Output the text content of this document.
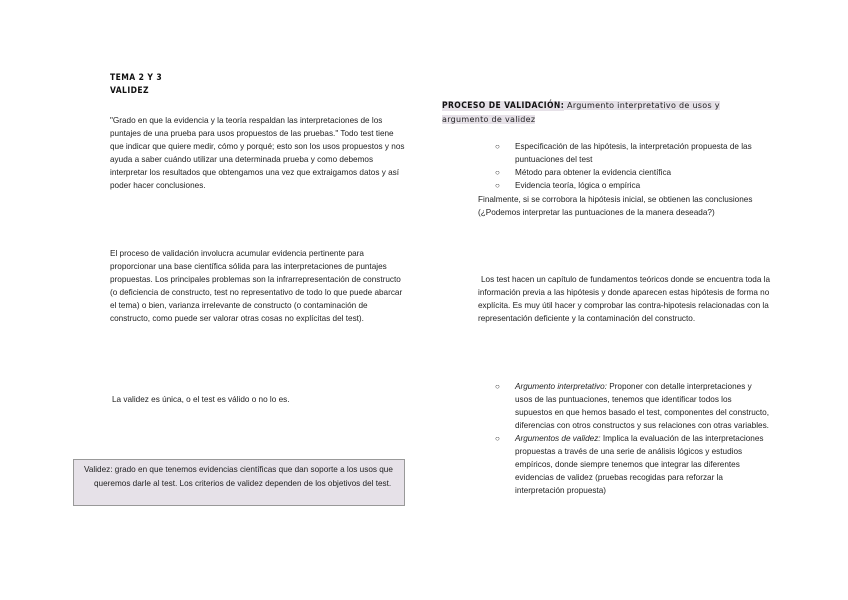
TEMA 2 Y 3
VALIDEZ
"Grado en que la evidencia y la teoría respaldan las interpretaciones de los puntajes de una prueba para usos propuestos de las pruebas." Todo test tiene que indicar que quiere medir, cómo y porqué; esto son los usos propuestos y nos ayuda a saber cuándo utilizar una determinada prueba y como debemos interpretar los resultados que obtengamos una vez que extraigamos datos y así poder hacer conclusiones.
El proceso de validación involucra acumular evidencia pertinente para proporcionar una base científica sólida para las interpretaciones de puntajes propuestas. Los principales problemas son la infrarrepresentación de constructo (o deficiencia de constructo, test no representativo de todo lo que puede abarcar el tema) o bien, varianza irrelevante de constructo (o contaminación de constructo, como puede ser valorar otras cosas no explícitas del test).
La validez es única, o el test es válido o no lo es.
Validez: grado en que tenemos evidencias científicas que dan soporte a los usos que queremos darle al test. Los criterios de validez dependen de los objetivos del test.
PROCESO DE VALIDACIÓN: Argumento interpretativo de usos y argumento de validez
○ Especificación de las hipótesis, la interpretación propuesta de las puntuaciones del test
○ Método para obtener la evidencia científica
○ Evidencia teoría, lógica o empírica
Finalmente, si se corrobora la hipótesis inicial, se obtienen las conclusiones (¿Podemos interpretar las puntuaciones de la manera deseada?)
Los test hacen un capítulo de fundamentos teóricos donde se encuentra toda la información previa a las hipótesis y donde aparecen estas hipótesis de forma no explícita. Es muy útil hacer y comprobar las contra-hipotesis relacionadas con la representación deficiente y la contaminación del constructo.
○ Argumento interpretativo: Proponer con detalle interpretaciones y usos de las puntuaciones, tenemos que identificar todos los supuestos en que hemos basado el test, componentes del constructo, diferencias con otros constructos y sus relaciones con otras variables.
○ Argumentos de validez: Implica la evaluación de las interpretaciones propuestas a través de una serie de análisis lógicos y estudios empíricos, donde siempre tenemos que integrar las diferentes evidencias de validez (pruebas recogidas para reforzar la interpretación propuesta)
